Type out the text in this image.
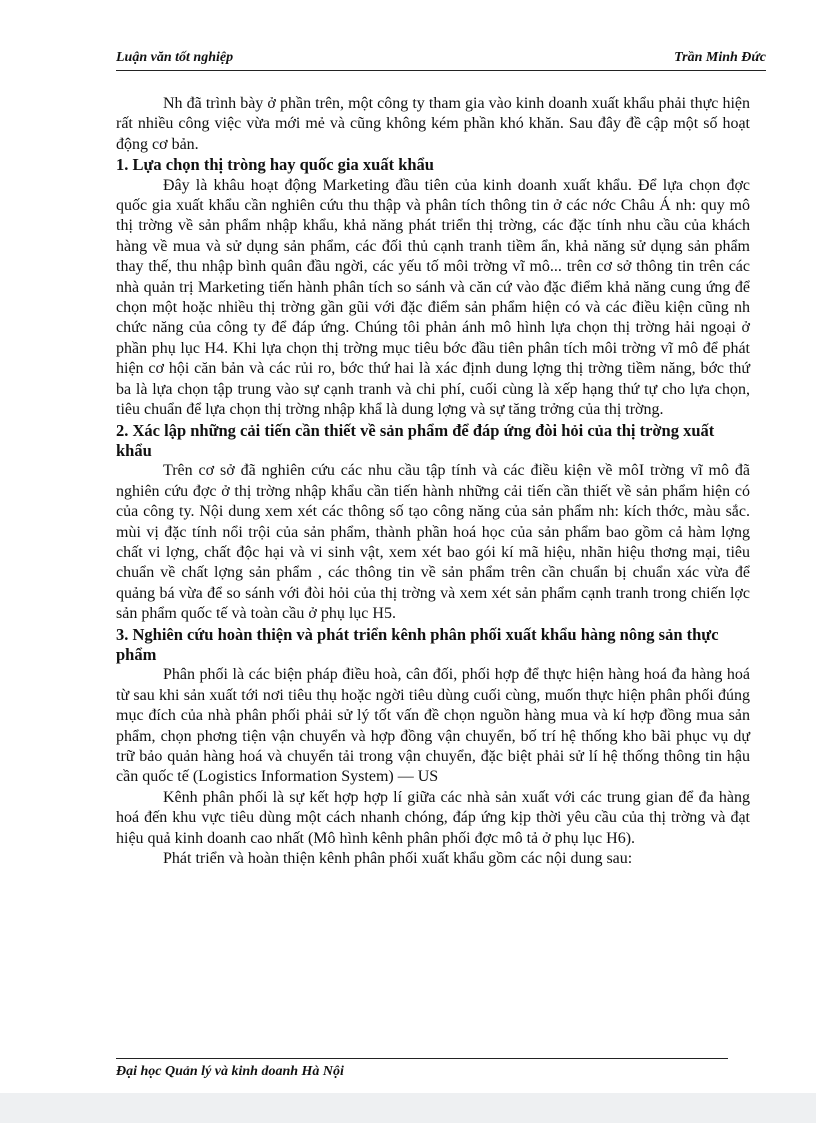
Luận văn tốt nghiệp	Trần Minh Đức

Nh đã trình bày ở phần trên, một công ty tham gia vào kinh doanh xuất khẩu phải thực hiện rất nhiều công việc vừa mới mẻ và cũng không kém phần khó khăn. Sau đây đề cập một số hoạt động cơ bản.

1. Lựa chọn thị tròng hay quốc gia xuất khẩu

Đây là khâu hoạt động Marketing đầu tiên của kinh doanh xuất khẩu. Để lựa chọn đợc quốc gia xuất khẩu cần nghiên cứu thu thập và phân tích thông tin ở các nớc Châu Á nh: quy mô thị trờng về sản phẩm nhập khẩu, khả năng phát triển thị trờng, các đặc tính nhu cầu của khách hàng về mua và sử dụng sản phẩm, các đối thủ cạnh tranh tiềm ẩn, khả năng sử dụng sản phẩm thay thế, thu nhập bình quân đầu ngời, các yếu tố môi trờng vĩ mô... trên cơ sở thông tin trên các nhà quản trị Marketing tiến hành phân tích so sánh và căn cứ vào đặc điểm khả năng cung ứng để chọn một hoặc nhiều thị trờng gần gũi với đặc điểm sản phẩm hiện có và các điều kiện cũng nh chức năng của công ty để đáp ứng. Chúng tôi phản ánh mô hình lựa chọn thị trờng hải ngoại ở phần phụ lục H4. Khi lựa chọn thị trờng mục tiêu bớc đầu tiên phân tích môi trờng vĩ mô để phát hiện cơ hội căn bản và các rủi ro, bớc thứ hai là xác định dung lợng thị trờng tiềm năng, bớc thứ ba là lựa chọn tập trung vào sự cạnh tranh và chi phí, cuối cùng là xếp hạng thứ tự cho lựa chọn, tiêu chuẩn để lựa chọn thị trờng nhập khẩ là dung lợng và sự tăng trởng của thị trờng.

2. Xác lập những cải tiến cần thiết về sản phẩm để đáp ứng đòi hỏi của thị trờng xuất khẩu

Trên cơ sở đã nghiên cứu các nhu cầu tập tính và các điều kiện về môI trờng vĩ mô đã nghiên cứu đợc ở thị trờng nhập khẩu cần tiến hành những cải tiến cần thiết về sản phẩm hiện có của công ty. Nội dung xem xét các thông số tạo công năng của sản phẩm nh: kích thớc, màu sắc. mùi vị đặc tính nổi trội của sản phẩm, thành phần hoá học của sản phẩm bao gồm cả hàm lợng chất vi lợng, chất độc hại và vi sinh vật, xem xét bao gói kí mã hiệu, nhãn hiệu thơng mại, tiêu chuẩn về chất lợng sản phẩm , các thông tin về sản phẩm trên cần chuẩn bị chuẩn xác vừa để quảng bá vừa để so sánh với đòi hỏi của thị trờng và xem xét sản phẩm cạnh tranh trong chiến lợc sản phẩm quốc tế và toàn cầu ở phụ lục H5.

3. Nghiên cứu hoàn thiện và phát triển kênh phân phối xuất khẩu hàng nông sản thực phẩm

Phân phối là các biện pháp điều hoà, cân đối, phối hợp để thực hiện hàng hoá đa hàng hoá từ sau khi sản xuất tới nơi tiêu thụ hoặc ngời tiêu dùng cuối cùng, muốn thực hiện phân phối đúng mục đích của nhà phân phối phải sử lý tốt vấn đề chọn nguồn hàng mua và kí hợp đồng mua sản phẩm, chọn phơng tiện vận chuyển và hợp đồng vận chuyển, bố trí hệ thống kho bãi phục vụ dự trữ bảo quản hàng hoá và chuyển tải trong vận chuyển, đặc biệt phải sử lí hệ thống thông tin hậu cần quốc tế (Logistics Information System) — US

Kênh phân phối là sự kết hợp hợp lí giữa các nhà sản xuất với các trung gian để đa hàng hoá đến khu vực tiêu dùng một cách nhanh chóng, đáp ứng kịp thời yêu cầu của thị trờng và đạt hiệu quả kinh doanh cao nhất (Mô hình kênh phân phối đợc mô tả ở phụ lục H6).

Phát triển và hoàn thiện kênh phân phối xuất khẩu gồm các nội dung sau:

Đại học Quản lý và kinh doanh Hà Nội
